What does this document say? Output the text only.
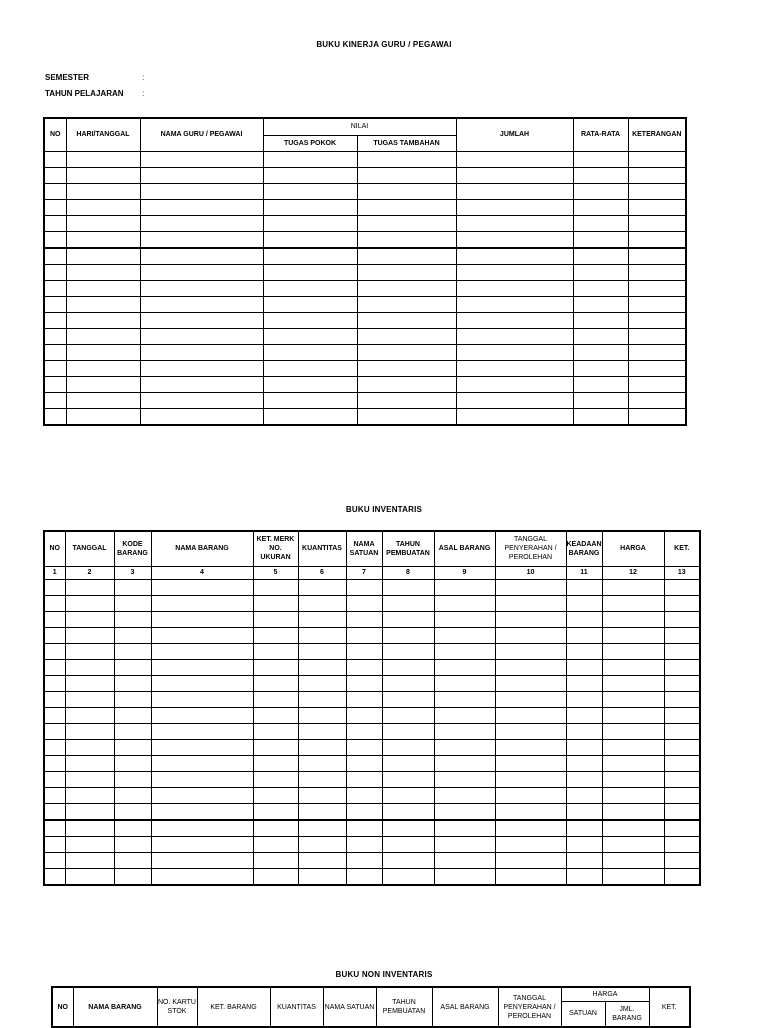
BUKU KINERJA GURU / PEGAWAI
SEMESTER	:
TAHUN PELAJARAN :
NO	HARI/TANGGAL	NAMA GURU / PEGAWAI	NILAI		JUMLAH	RATA-RATA	KETERANGAN
			TUGAS POKOK	TUGAS TAMBAHAN			

BUKU INVENTARIS
NO	TANGGAL	KODE BARANG	NAMA BARANG	KET. MERK NO. UKURAN	KUANTITAS	NAMA SATUAN	TAHUN PEMBUATAN	ASAL BARANG	TANGGAL PENYERAHAN / PEROLEHAN	KEADAAN BARANG	HARGA	KET.
1	2	3	4	5	6	7	8	9	10	11	12	13

BUKU NON INVENTARIS
NO	NAMA BARANG	NO. KARTU STOK	KET. BARANG	KUANTITAS	NAMA SATUAN	TAHUN PEMBUATAN	ASAL BARANG	TANGGAL PENYERAHAN / PEROLEHAN	HARGA		KET.
									SATUAN	JML. BARANG	
